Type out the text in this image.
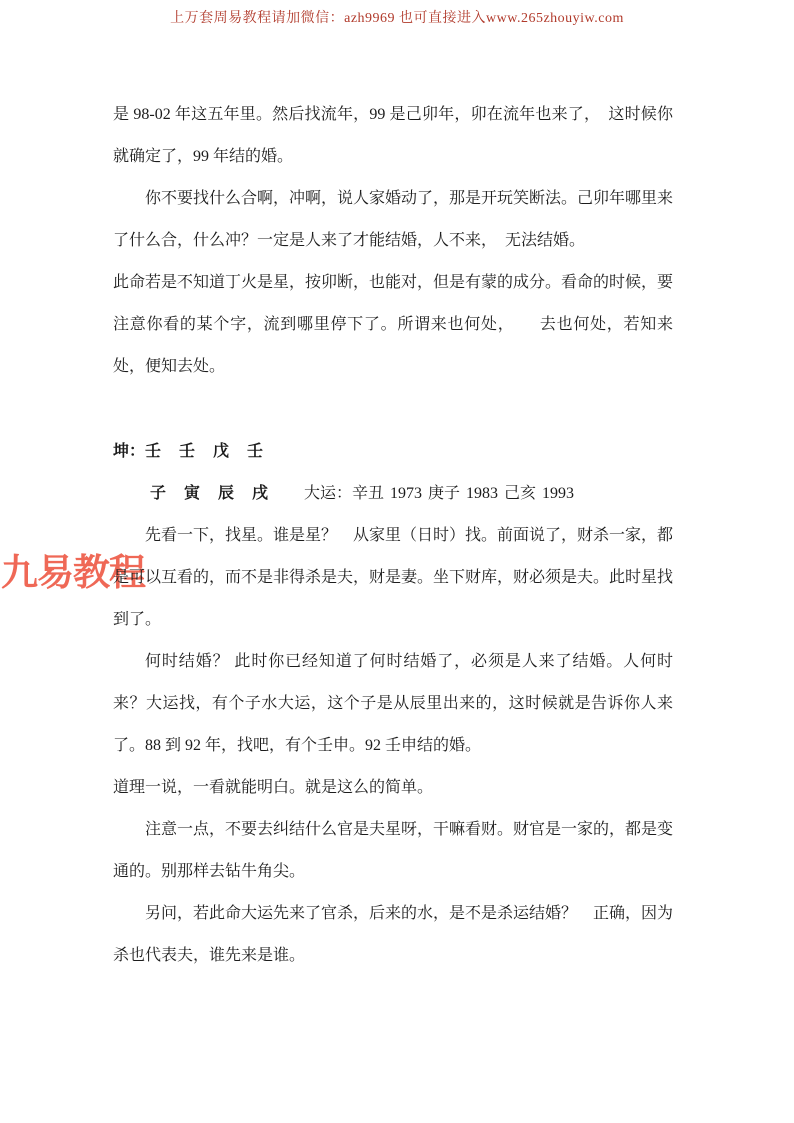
上万套周易教程请加微信：azh9969 也可直接进入www.265zhouyiw.com
九易教程

是 98-02 年这五年里。然后找流年，99 是己卯年，卯在流年也来了，　这时候你就确定了，99 年结的婚。

你不要找什么合啊，冲啊，说人家婚动了，那是开玩笑断法。己卯年哪里来了什么合，什么冲？一定是人来了才能结婚，人不来，　无法结婚。

此命若是不知道丁火是星，按卯断，也能对，但是有蒙的成分。看命的时候，要注意你看的某个字，流到哪里停下了。所谓来也何处，　　去也何处，若知来处，便知去处。

坤：壬 壬 戊 壬

子 寅 辰 戌 大运：辛丑 1973 庚子 1983 己亥 1993

先看一下，找星。谁是星？　从家里（日时）找。前面说了，财杀一家，都是可以互看的，而不是非得杀是夫，财是妻。坐下财库，财必须是夫。此时星找到了。

何时结婚？ 此时你已经知道了何时结婚了，必须是人来了结婚。人何时来？大运找，有个子水大运，这个子是从辰里出来的，这时候就是告诉你人来了。88 到 92 年，找吧，有个壬申。92 壬申结的婚。

道理一说，一看就能明白。就是这么的简单。

注意一点，不要去纠结什么官是夫星呀，干嘛看财。财官是一家的，都是变通的。别那样去钻牛角尖。

另问，若此命大运先来了官杀，后来的水，是不是杀运结婚？　正确，因为杀也代表夫，谁先来是谁。
